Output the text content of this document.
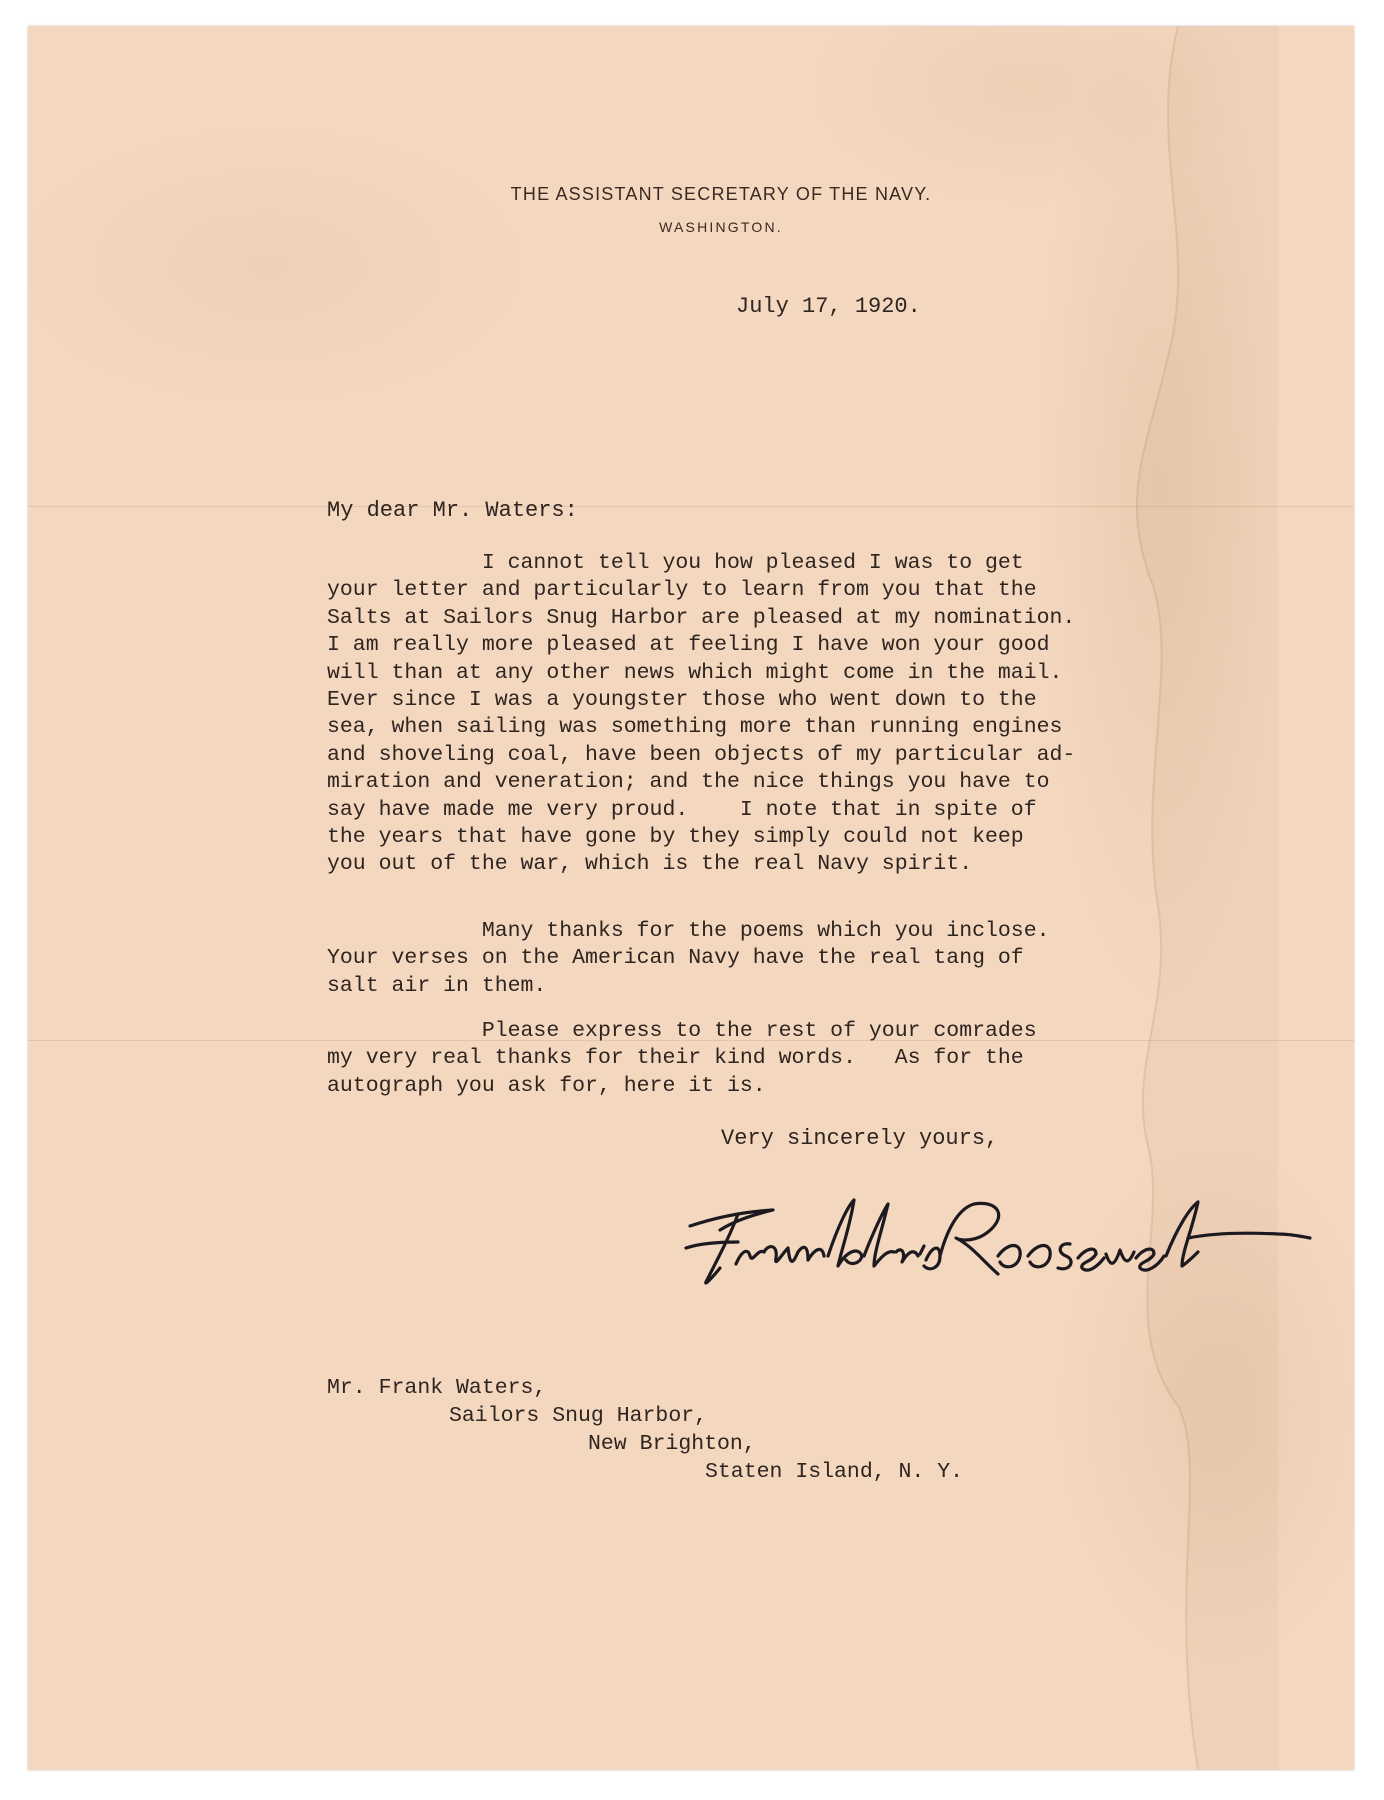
THE ASSISTANT SECRETARY OF THE NAVY.
WASHINGTON.
July 17, 1920.
My dear Mr. Waters:

I cannot tell you how pleased I was to get
your letter and particularly to learn from you that the
Salts at Sailors Snug Harbor are pleased at my nomination.
I am really more pleased at feeling I have won your good
will than at any other news which might come in the mail.
Ever since I was a youngster those who went down to the
sea, when sailing was something more than running engines
and shoveling coal, have been objects of my particular ad-
miration and veneration; and the nice things you have to
say have made me very proud.    I note that in spite of
the years that have gone by they simply could not keep
you out of the war, which is the real Navy spirit.

Many thanks for the poems which you inclose.
Your verses on the American Navy have the real tang of
salt air in them.

Please express to the rest of your comrades
my very real thanks for their kind words.   As for the
autograph you ask for, here it is.

Very sincerely yours,
Mr. Frank Waters,
Sailors Snug Harbor,
New Brighton,
Staten Island, N. Y.
